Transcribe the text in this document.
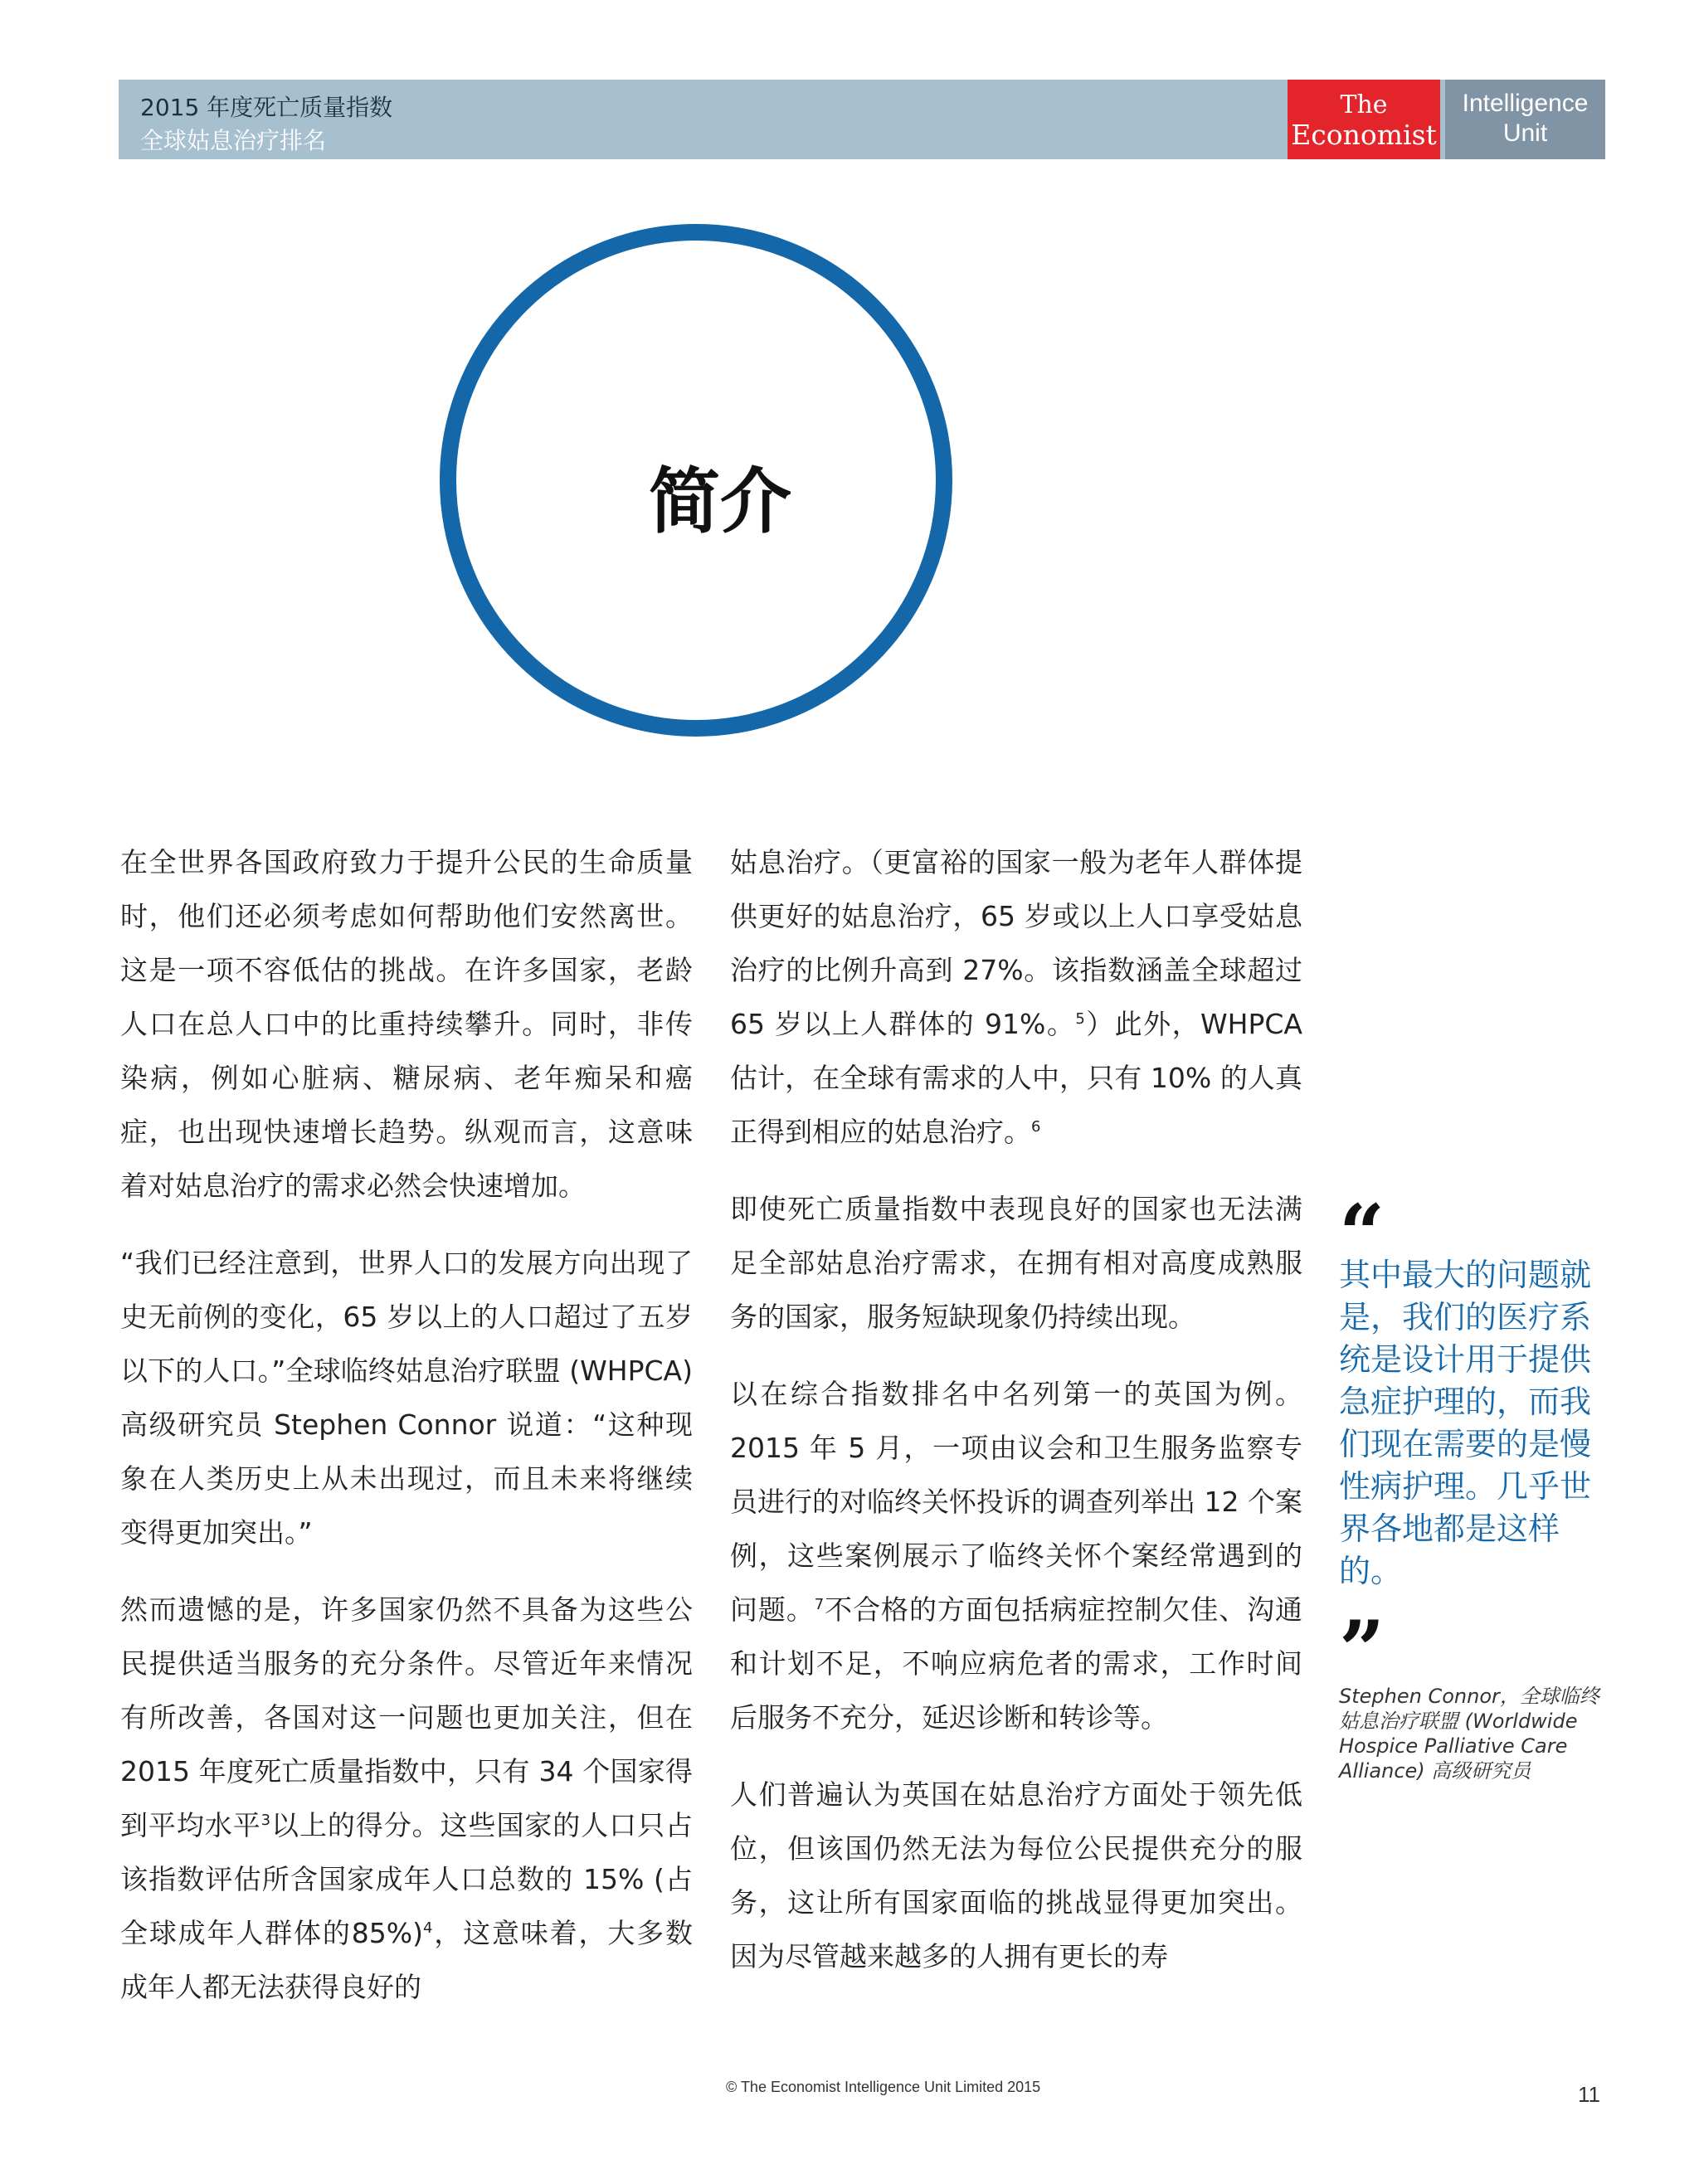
2015 年度死亡质量指数
全球姑息治疗排名
The
Economist
Intelligence
Unit
简介

在全世界各国政府致力于提升公民的生命质量时，他们还必须考虑如何帮助他们安然离世。这是一项不容低估的挑战。在许多国家，老龄人口在总人口中的比重持续攀升。同时，非传染病，例如心脏病、糖尿病、老年痴呆和癌症，也出现快速增长趋势。纵观而言，这意味着对姑息治疗的需求必然会快速增加。

“我们已经注意到，世界人口的发展方向出现了史无前例的变化，65 岁以上的人口超过了五岁以下的人口。”全球临终姑息治疗联盟 (WHPCA) 高级研究员 Stephen Connor 说道：“这种现象在人类历史上从未出现过，而且未来将继续变得更加突出。”

然而遗憾的是，许多国家仍然不具备为这些公民提供适当服务的充分条件。尽管近年来情况有所改善，各国对这一问题也更加关注，但在 2015 年度死亡质量指数中，只有 34 个国家得到平均水平$^3$以上的得分。这些国家的人口只占该指数评估所含国家成年人口总数的 15% (占全球成年人群体的85%)$^4$，这意味着，大多数成年人都无法获得良好的

姑息治疗。（更富裕的国家一般为老年人群体提供更好的姑息治疗，65 岁或以上人口享受姑息治疗的比例升高到 27%。该指数涵盖全球超过 65 岁以上人群体的 91%。$^5$）此外，WHPCA 估计，在全球有需求的人中，只有 10% 的人真正得到相应的姑息治疗。$^6$

即使死亡质量指数中表现良好的国家也无法满足全部姑息治疗需求，在拥有相对高度成熟服务的国家，服务短缺现象仍持续出现。

以在综合指数排名中名列第一的英国为例。2015 年 5 月，一项由议会和卫生服务监察专员进行的对临终关怀投诉的调查列举出 12 个案例，这些案例展示了临终关怀个案经常遇到的问题。$^7$不合格的方面包括病症控制欠佳、沟通和计划不足，不响应病危者的需求，工作时间后服务不充分，延迟诊断和转诊等。

人们普遍认为英国在姑息治疗方面处于领先低位，但该国仍然无法为每位公民提供充分的服务，这让所有国家面临的挑战显得更加突出。因为尽管越来越多的人拥有更长的寿

“
其中最大的问题就是，我们的医疗系统是设计用于提供急症护理的，而我们现在需要的是慢性病护理。几乎世界各地都是这样的。
”
Stephen Connor，全球临终姑息治疗联盟 (Worldwide Hospice Palliative Care Alliance) 高级研究员
© The Economist Intelligence Unit Limited 2015	11
